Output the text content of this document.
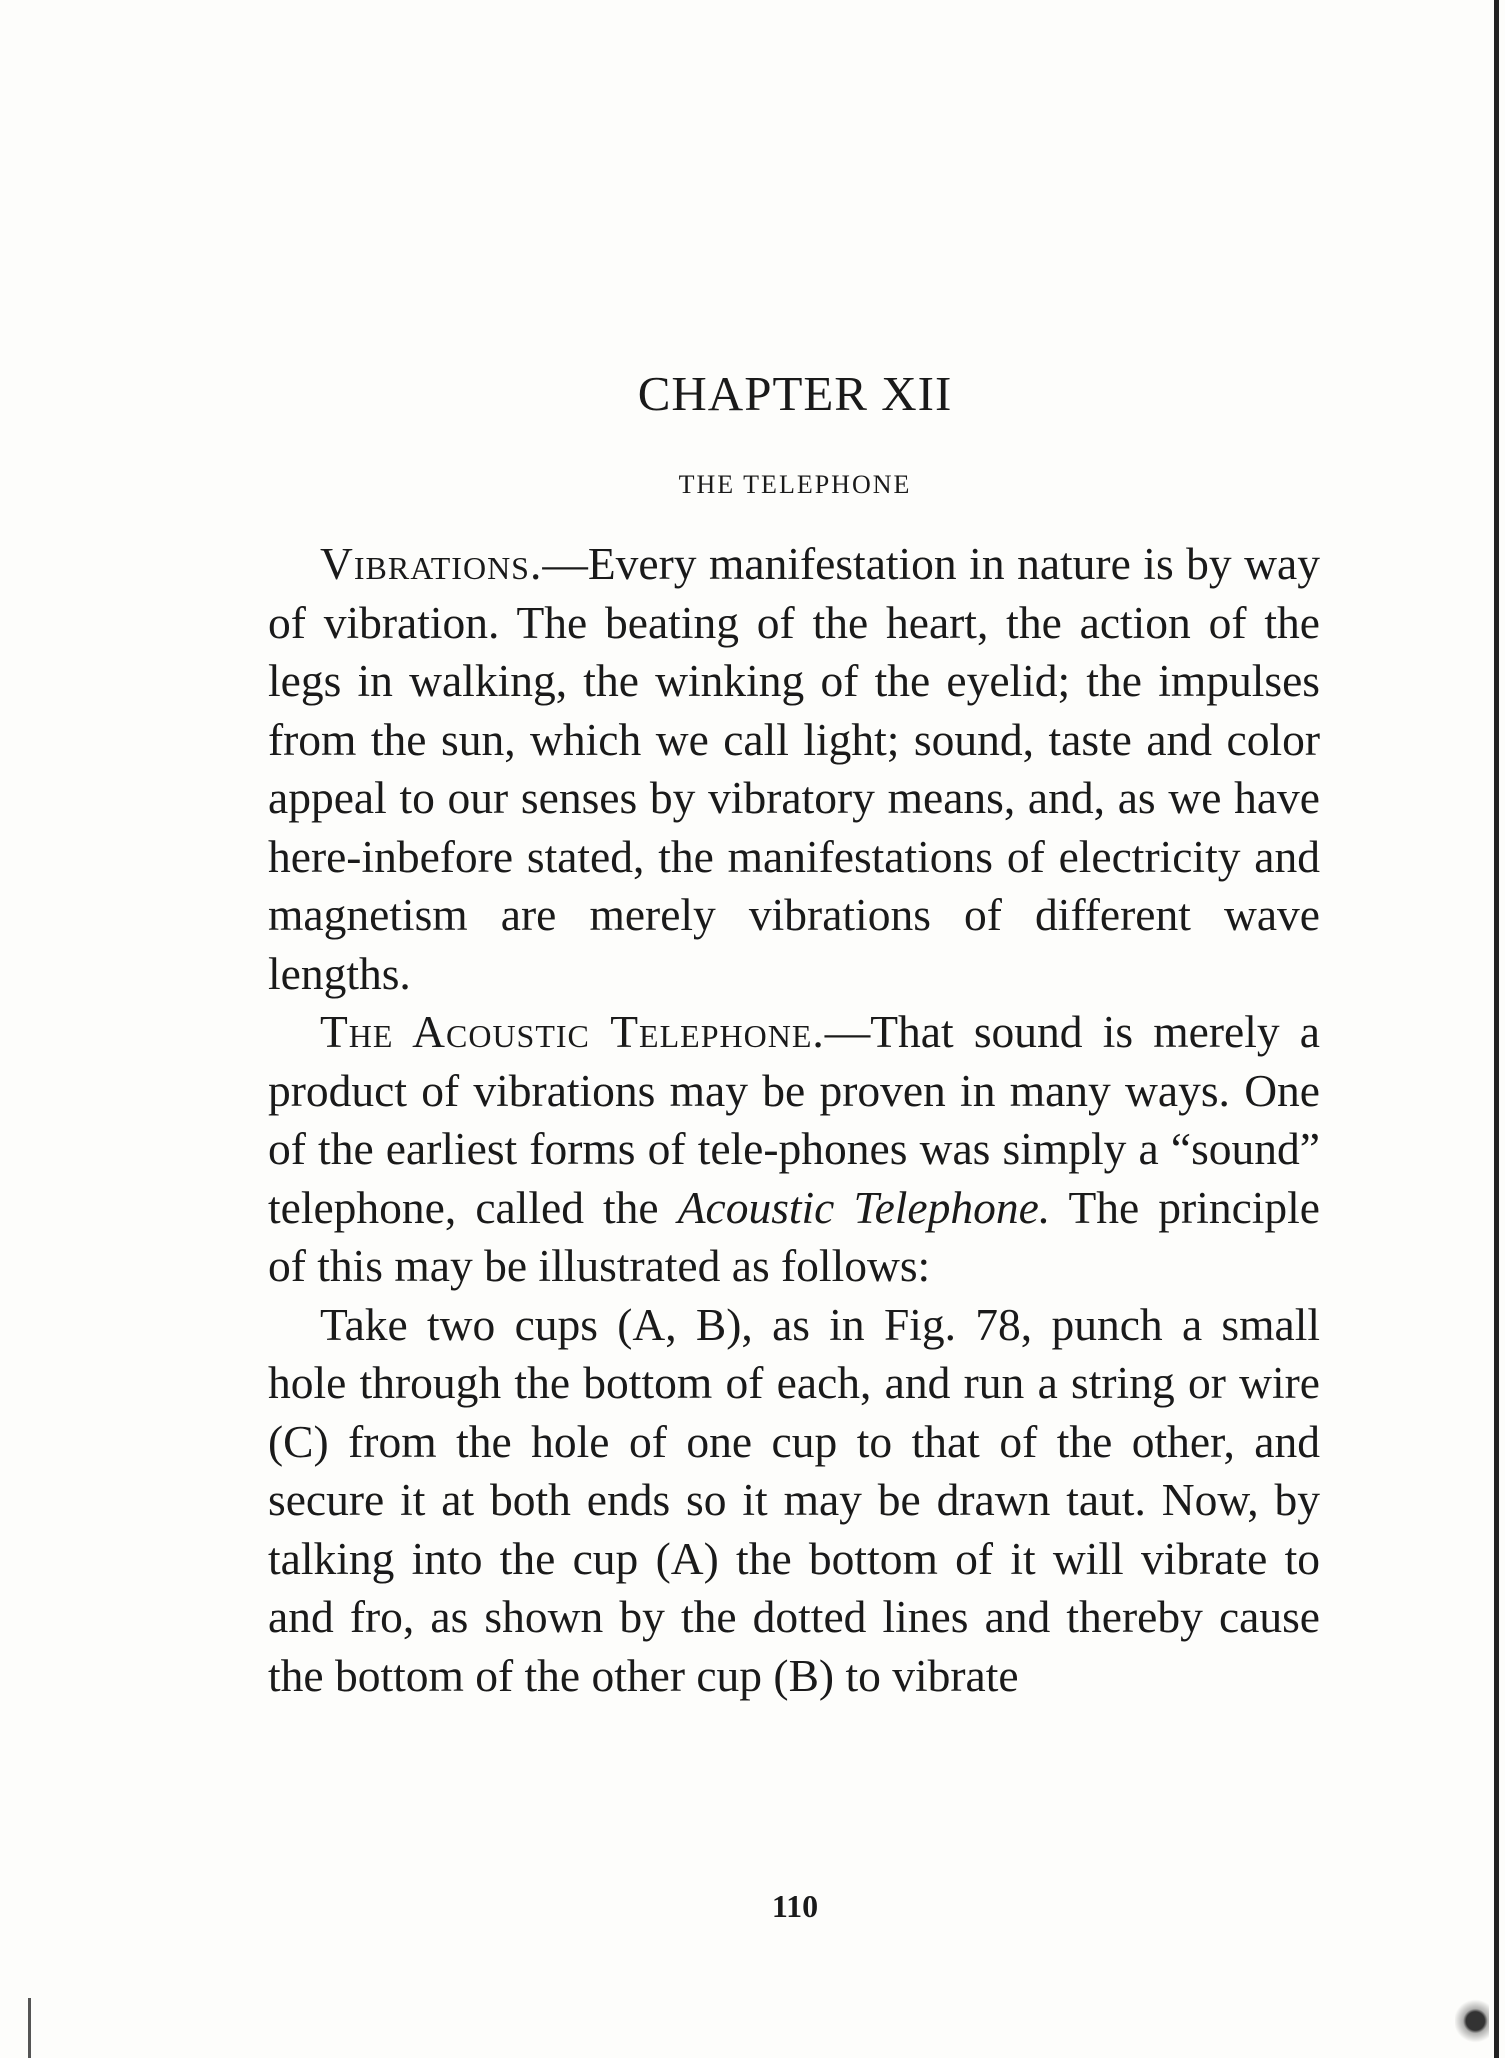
CHAPTER XII
THE TELEPHONE

Vibrations.—Every manifestation in nature is by way of vibration. The beating of the heart, the action of the legs in walking, the winking of the eyelid; the impulses from the sun, which we call light; sound, taste and color appeal to our senses by vibratory means, and, as we have here-inbefore stated, the manifestations of electricity and magnetism are merely vibrations of different wave lengths.

The Acoustic Telephone.—That sound is merely a product of vibrations may be proven in many ways. One of the earliest forms of tele-phones was simply a “sound” telephone, called the Acoustic Telephone. The principle of this may be illustrated as follows:

Take two cups (A, B), as in Fig. 78, punch a small hole through the bottom of each, and run a string or wire (C) from the hole of one cup to that of the other, and secure it at both ends so it may be drawn taut. Now, by talking into the cup (A) the bottom of it will vibrate to and fro, as shown by the dotted lines and thereby cause the bottom of the other cup (B) to vibrate

110
